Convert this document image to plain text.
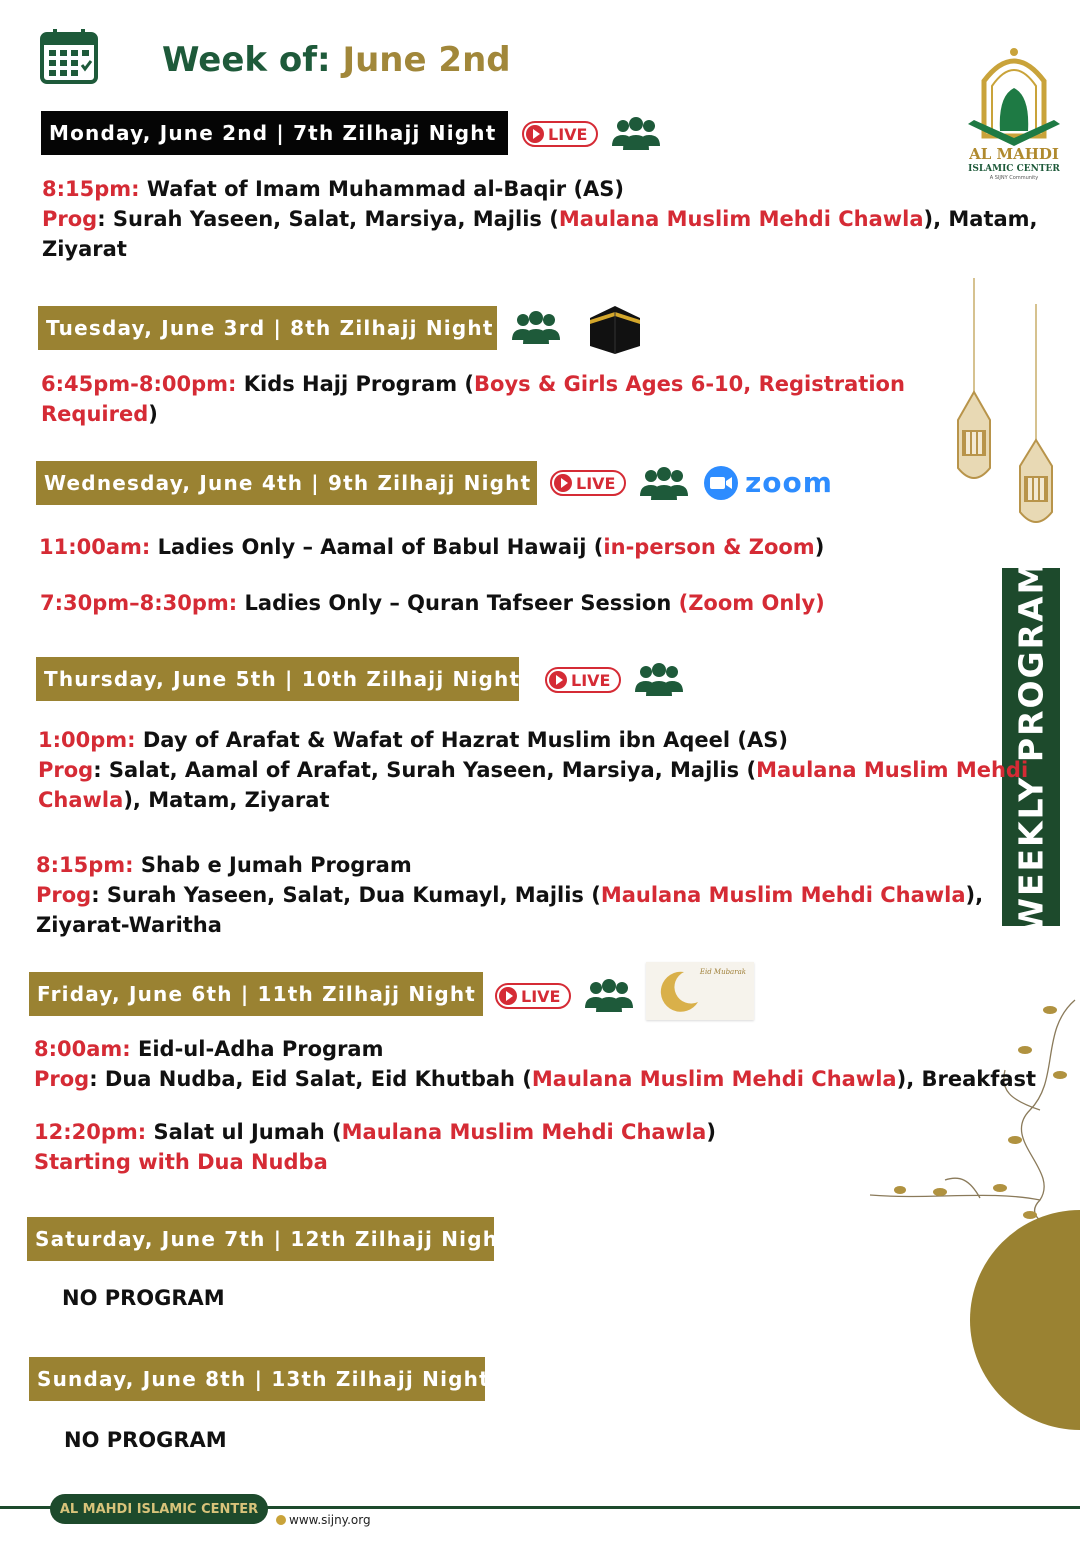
Week of: June 2nd
AL MAHDI
ISLAMIC CENTER
A SIJNY Community
WEEKLY PROGRAM
Monday, June 2nd | 7th Zilhajj Night	LIVE
8:15pm: Wafat of Imam Muhammad al-Baqir (AS)
Prog: Surah Yaseen, Salat, Marsiya, Majlis (Maulana Muslim Mehdi Chawla), Matam,
Ziyarat
Tuesday, June 3rd | 8th Zilhajj Night
6:45pm-8:00pm: Kids Hajj Program (Boys & Girls Ages 6-10, Registration
Required)
Wednesday, June 4th | 9th Zilhajj Night	LIVE	zoom
11:00am: Ladies Only – Aamal of Babul Hawaij (in-person & Zoom)
7:30pm–8:30pm: Ladies Only – Quran Tafseer Session (Zoom Only)
Thursday, June 5th | 10th Zilhajj Night	LIVE
1:00pm: Day of Arafat & Wafat of Hazrat Muslim ibn Aqeel (AS)
Prog: Salat, Aamal of Arafat, Surah Yaseen, Marsiya, Majlis (Maulana Muslim Mehdi
Chawla), Matam, Ziyarat
8:15pm: Shab e Jumah Program
Prog: Surah Yaseen, Salat, Dua Kumayl, Majlis (Maulana Muslim Mehdi Chawla),
Ziyarat-Waritha
Friday, June 6th | 11th Zilhajj Night	LIVE
Eid Mubarak
8:00am: Eid-ul-Adha Program
Prog: Dua Nudba, Eid Salat, Eid Khutbah (Maulana Muslim Mehdi Chawla), Breakfast
12:20pm: Salat ul Jumah (Maulana Muslim Mehdi Chawla)
Starting with Dua Nudba
Saturday, June 7th | 12th Zilhajj Night
NO PROGRAM
Sunday, June 8th | 13th Zilhajj Night
NO PROGRAM
AL MAHDI ISLAMIC CENTER
www.sijny.org
